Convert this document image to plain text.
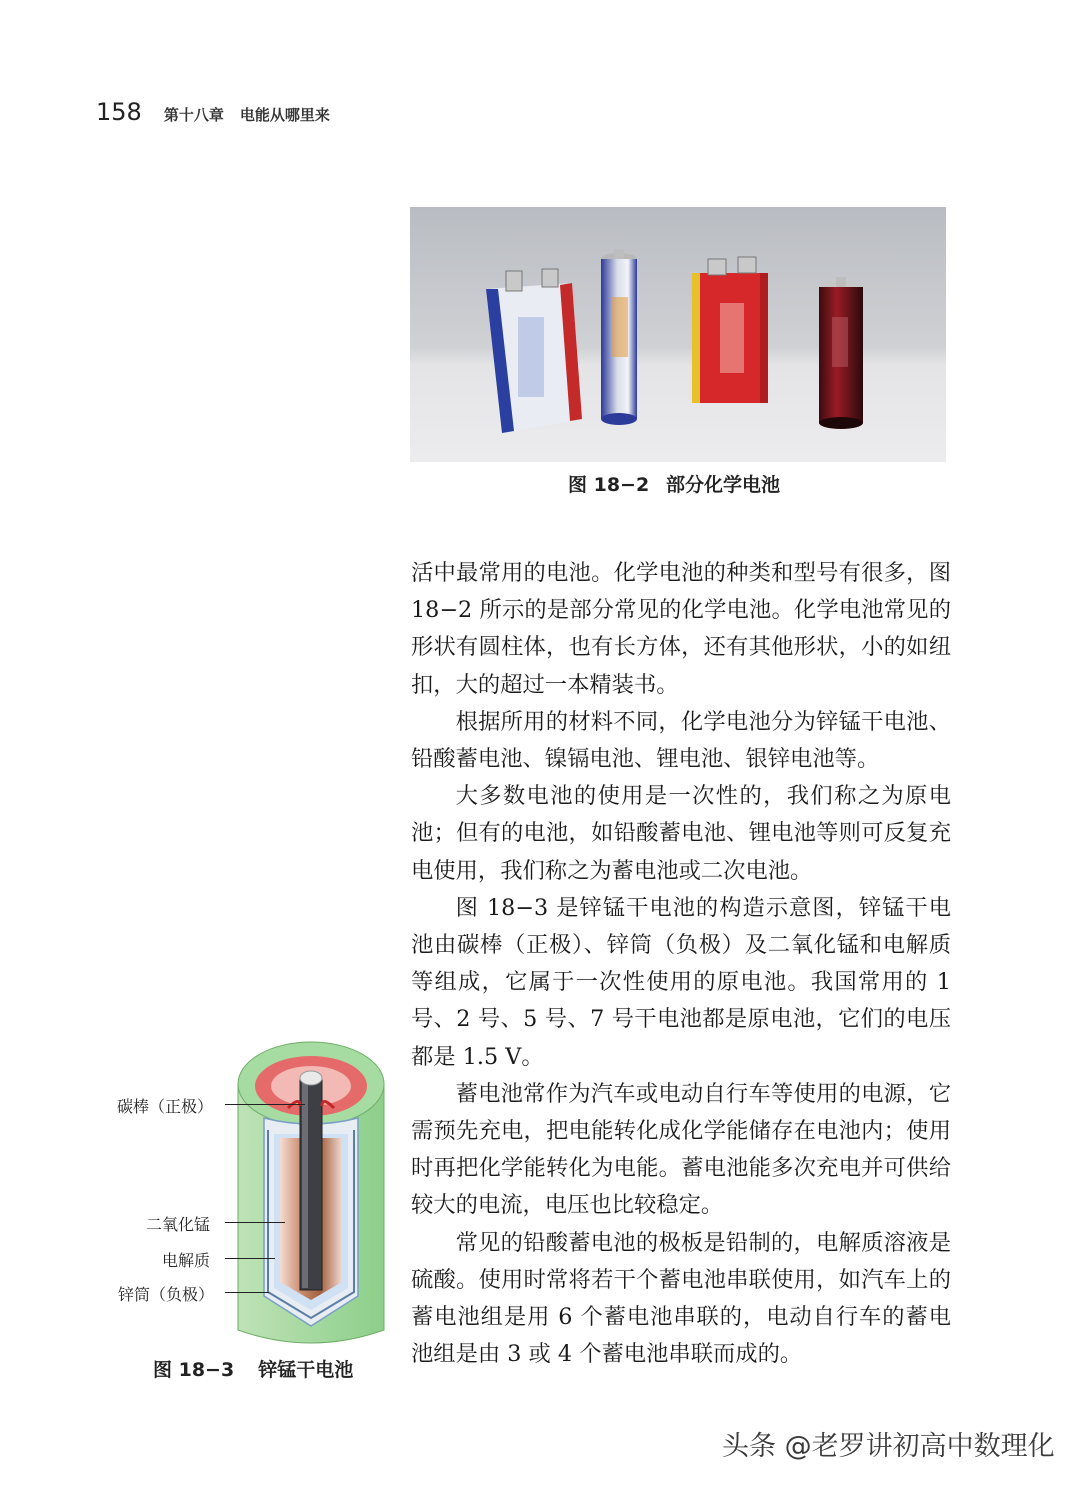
158 第十八章 电能从哪里来
图 18−2 部分化学电池

活中最常用的电池。化学电池的种类和型号有很多，图 18−2 所示的是部分常见的化学电池。化学电池常见的形状有圆柱体，也有长方体，还有其他形状，小的如纽扣，大的超过一本精装书。

根据所用的材料不同，化学电池分为锌锰干电池、铅酸蓄电池、镍镉电池、锂电池、银锌电池等。

大多数电池的使用是一次性的，我们称之为原电池；但有的电池，如铅酸蓄电池、锂电池等则可反复充电使用，我们称之为蓄电池或二次电池。

图 18−3 是锌锰干电池的构造示意图，锌锰干电池由碳棒（正极）、锌筒（负极）及二氧化锰和电解质等组成，它属于一次性使用的原电池。我国常用的 1 号、2 号、5 号、7 号干电池都是原电池，它们的电压都是 1.5 V。

蓄电池常作为汽车或电动自行车等使用的电源，它需预先充电，把电能转化成化学能储存在电池内；使用时再把化学能转化为电能。蓄电池能多次充电并可供给较大的电流，电压也比较稳定。

常见的铅酸蓄电池的极板是铅制的，电解质溶液是硫酸。使用时常将若干个蓄电池串联使用，如汽车上的蓄电池组是用 6 个蓄电池串联的，电动自行车的蓄电池组是由 3 或 4 个蓄电池串联而成的。

碳棒（正极）
二氧化锰
电解质
锌筒（负极）
图 18−3 锌锰干电池
头条 @老罗讲初高中数理化
